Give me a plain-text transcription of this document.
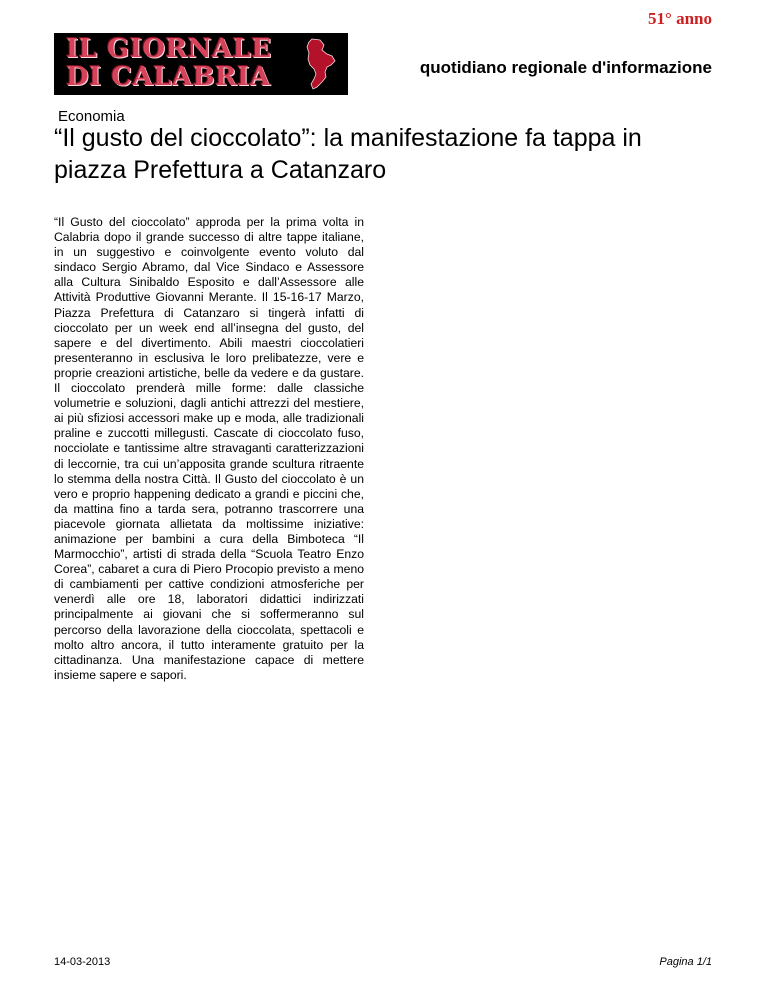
51° anno
IL GIORNALE
DI CALABRIA	quotidiano regionale d'informazione
Economia
“Il gusto del cioccolato”: la manifestazione fa tappa in piazza Prefettura a Catanzaro

“Il Gusto del cioccolato” approda per la prima volta in Calabria dopo il grande successo di altre tappe italiane, in un suggestivo e coinvolgente evento voluto dal sindaco Sergio Abramo, dal Vice Sindaco e Assessore alla Cultura Sinibaldo Esposito e dall’Assessore alle Attività Produttive Giovanni Merante. Il 15-16-17 Marzo, Piazza Prefettura di Catanzaro si tingerà infatti di cioccolato per un week end all’insegna del gusto, del sapere e del divertimento. Abili maestri cioccolatieri presenteranno in esclusiva le loro prelibatezze, vere e proprie creazioni artistiche, belle da vedere e da gustare. Il cioccolato prenderà mille forme: dalle classiche volumetrie e soluzioni, dagli antichi attrezzi del mestiere, ai più sfiziosi accessori make up e moda, alle tradizionali praline e zuccotti millegusti. Cascate di cioccolato fuso, nocciolate e tantissime altre stravaganti caratterizzazioni di leccornie, tra cui un’apposita grande scultura ritraente lo stemma della nostra Città. Il Gusto del cioccolato è un vero e proprio happening dedicato a grandi e piccini che, da mattina fino a tarda sera, potranno trascorrere una piacevole giornata allietata da moltissime iniziative: animazione per bambini a cura della Bimboteca “Il Marmocchio”, artisti di strada della “Scuola Teatro Enzo Corea”, cabaret a cura di Piero Procopio previsto a meno di cambiamenti per cattive condizioni atmosferiche per venerdì alle ore 18, laboratori didattici indirizzati principalmente ai giovani che si soffermeranno sul percorso della lavorazione della cioccolata, spettacoli e molto altro ancora, il tutto interamente gratuito per la cittadinanza. Una manifestazione capace di mettere insieme sapere e sapori.

14-03-2013	Pagina 1/1
